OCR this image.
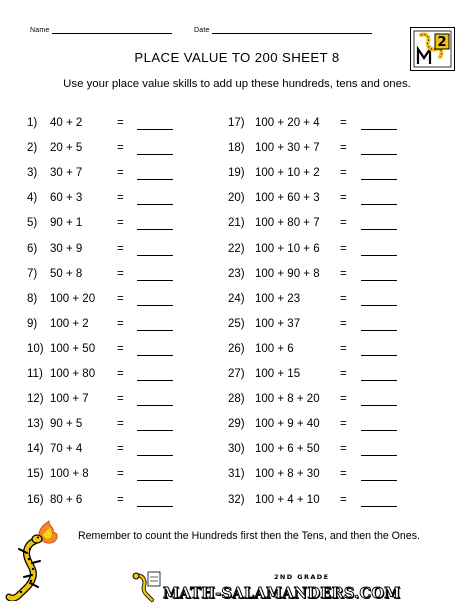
Name	Date
2
PLACE VALUE TO 200 SHEET 8
Use your place value skills to add up these hundreds, tens and ones.
1) 40 + 2	=
2) 20 + 5	=
3) 30 + 7	=
4) 60 + 3	=
5) 90 + 1	=
6) 30 + 9	=
7) 50 + 8	=
8) 100 + 20 =
9) 100 + 2 =
10) 100 + 50 =
11) 100 + 80 =
12) 100 + 7 =
13) 90 + 5	=
14) 70 + 4	=
15) 100 + 8 =
16) 80 + 6	=
17) 100 + 20 + 4 =
18) 100 + 30 + 7 =
19) 100 + 10 + 2 =
20) 100 + 60 + 3 =
21) 100 + 80 + 7 =
22) 100 + 10 + 6 =
23) 100 + 90 + 8 =
24) 100 + 23	=
25) 100 + 37	=
26) 100 + 6	=
27) 100 + 15	=
28) 100 + 8 + 20 =
29) 100 + 9 + 40 =
30) 100 + 6 + 50 =
31) 100 + 8 + 30 =
32) 100 + 4 + 10 =
Remember to count the Hundreds first then the Tens, and then the Ones.
2ND GRADE
MATH-SALAMANDERS.COM
